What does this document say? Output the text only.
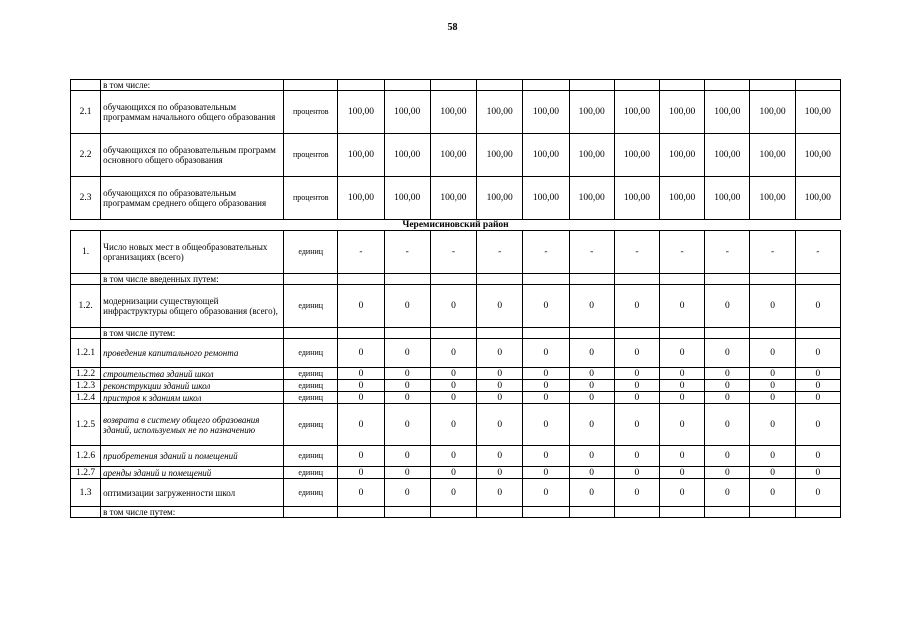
58
	в том числе:												
2.1	обучающихся по образовательным программам начального общего образования	процентов	100,00	100,00	100,00	100,00	100,00	100,00	100,00	100,00	100,00	100,00	100,00
2.2	обучающихся по образовательным программ основного общего образования	процентов	100,00	100,00	100,00	100,00	100,00	100,00	100,00	100,00	100,00	100,00	100,00
2.3	обучающихся по образовательным программам среднего общего образования	процентов	100,00	100,00	100,00	100,00	100,00	100,00	100,00	100,00	100,00	100,00	100,00
Черемисиновский район													
1.	Число новых мест в общеобразовательных организациях (всего)	единиц	-	-	-	-	-	-	-	-	-	-	-
	в том числе введенных путем:												
1.2.	модернизации существующей инфраструктуры общего образования (всего),	единиц	0	0	0	0	0	0	0	0	0	0	0
	в том числе путем:												
1.2.1	проведения капитального ремонта	единиц	0	0	0	0	0	0	0	0	0	0	0
1.2.2	строительства зданий школ	единиц	0	0	0	0	0	0	0	0	0	0	0
1.2.3	реконструкции зданий школ	единиц	0	0	0	0	0	0	0	0	0	0	0
1.2.4	пристроя к зданиям школ	единиц	0	0	0	0	0	0	0	0	0	0	0
1.2.5	возврата в систему общего образования зданий, используемых не по назначению	единиц	0	0	0	0	0	0	0	0	0	0	0
1.2.6	приобретения зданий и помещений	единиц	0	0	0	0	0	0	0	0	0	0	0
1.2.7	аренды зданий и помещений	единиц	0	0	0	0	0	0	0	0	0	0	0
1.3	оптимизации загруженности школ	единиц	0	0	0	0	0	0	0	0	0	0	0
	в том числе путем:												
